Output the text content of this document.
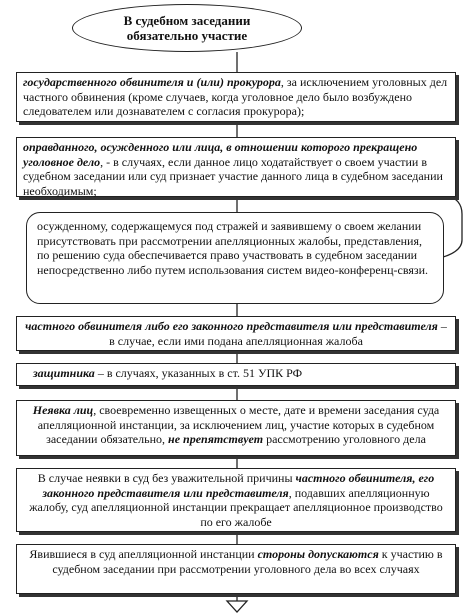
В судебном заседании
обязательно участие
государственного обвинителя и (или) прокурора, за исключением уголовных дел частного обвинения (кроме случаев, когда уголовное дело было возбуждено следователем или дознавателем с согласия прокурора);
оправданного, осужденного или лица, в отношении которого прекращено уголовное дело, - в случаях, если данное лицо ходатайствует о своем участии в судебном заседании или суд признает участие данного лица в судебном заседании необходимым;
осужденному, содержащемуся под стражей и заявившему о своем желании присутствовать при рассмотрении апелляционных жалобы, представления, по решению суда обеспечивается право участвовать в судебном заседании непосредственно либо путем использования систем видео-конференц-связи.
частного обвинителя либо его законного представителя или представителя – в случае, если ими подана апелляционная жалоба
защитника – в случаях, указанных в ст. 51 УПК РФ
Неявка лиц, своевременно извещенных о месте, дате и времени заседания суда апелляционной инстанции, за исключением лиц, участие которых в судебном заседании обязательно, не препятствует рассмотрению уголовного дела
В случае неявки в суд без уважительной причины частного обвинителя, его законного представителя или представителя, подавших апелляционную жалобу, суд апелляционной инстанции прекращает апелляционное производство по его жалобе
Явившиеся в суд апелляционной инстанции стороны допускаются к участию в судебном заседании при рассмотрении уголовного дела во всех случаях
